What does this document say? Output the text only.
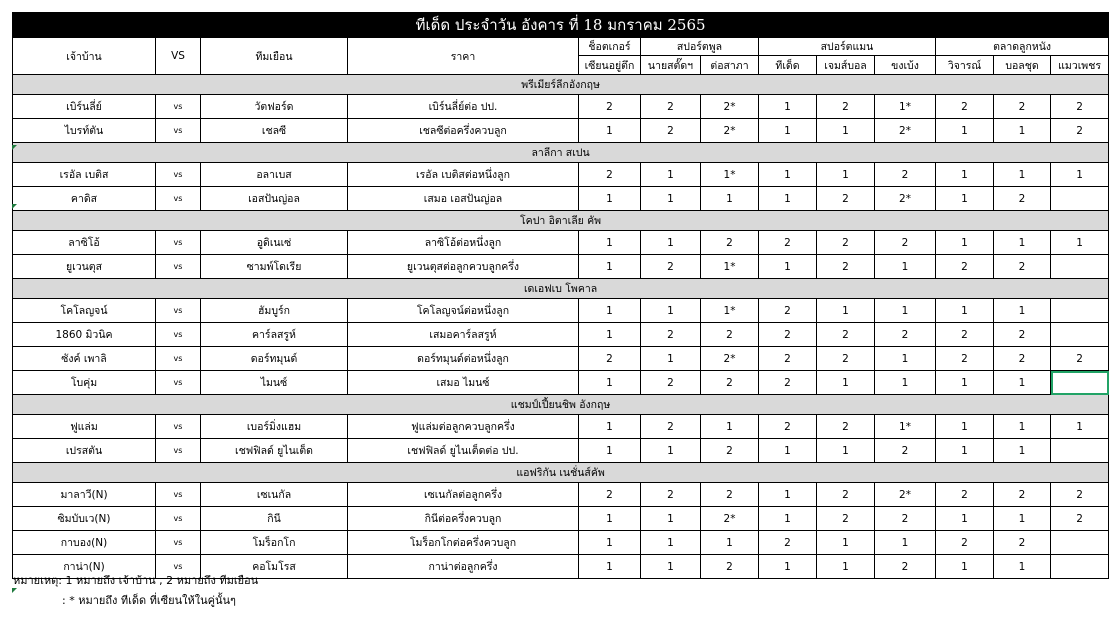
ทีเด็ด ประจำวัน อังคาร ที่ 18 มกราคม 2565												
เจ้าบ้าน	VS	ทีมเยือน	ราคา	ช็อตเกอร์	สปอร์ตพูล		สปอร์ตแมน			ตลาดลูกหนัง		
				เซียนอยู่ตึก	นายสตั๊ดฯ	ต่อสาภา	ทีเด็ด	เจมส์บอล	ขงเบ้ง	วิจารณ์	บอลชุด	แมวเพชร
พรีเมียร์ลีกอังกฤษ												
เบิร์นลี่ย์	vs	วัตฟอร์ด	เบิร์นลี่ย์ต่อ ปป.	2	2	2*	1	2	1*	2	2	2
ไบรท์ตัน	vs	เชลซี	เชลซีต่อครึ่งควบลูก	1	2	2*	1	1	2*	1	1	2
ลาลีกา สเปน												
เรอัล เบติส	vs	อลาเบส	เรอัล เบติสต่อหนึ่งลูก	2	1	1*	1	1	2	1	1	1
คาดิส	vs	เอสปันญ่อล	เสมอ เอสปันญ่อล	1	1	1	1	2	2*	1	2	
โคปา อิตาเลีย คัพ												
ลาซิโอ้	vs	อูดิเนเซ่	ลาซิโอ้ต่อหนึ่งลูก	1	1	2	2	2	2	1	1	1
ยูเวนตุส	vs	ซามพ์โดเรีย	ยูเวนตุสต่อลูกควบลูกครึ่ง	1	2	1*	1	2	1	2	2	
เดเอฟเบ โพคาล												
โคโลญจน์	vs	ฮัมบูร์ก	โคโลญจน์ต่อหนึ่งลูก	1	1	1*	2	1	1	1	1	
1860 มิวนิค	vs	คาร์ลสรูห์	เสมอคาร์ลสรูห์	1	2	2	2	2	2	2	2	
ซังค์ เพาลิ	vs	ดอร์ทมุนด์	ดอร์ทมุนด์ต่อหนึ่งลูก	2	1	2*	2	2	1	2	2	2
โบคุ่ม	vs	ไมนซ์	เสมอ ไมนซ์	1	2	2	2	1	1	1	1	
แชมป์เปี้ยนชิพ อังกฤษ												
ฟูแล่ม	vs	เบอร์มิ่งแฮม	ฟูแล่มต่อลูกควบลูกครึ่ง	1	2	1	2	2	1*	1	1	1
เปรสตัน	vs	เชฟฟิลด์ ยูไนเต็ด	เชฟฟิลด์ ยูไนเต็ดต่อ ปป.	1	1	2	1	1	2	1	1	
แอฟริกัน เนชั่นส์คัพ												
มาลาวี(N)	vs	เซเนกัล	เซเนกัลต่อลูกครึ่ง	2	2	2	1	2	2*	2	2	2
ซิมบับเว(N)	vs	กินี	กินีต่อครึ่งควบลูก	1	1	2*	1	2	2	1	1	2
กาบอง(N)	vs	โมร็อกโก	โมร็อกโกต่อครึ่งควบลูก	1	1	1	2	1	1	2	2	
กาน่า(N)	vs	คอโมโรส	กาน่าต่อลูกครึ่ง	1	1	2	1	1	2	1	1	
หมายเหตุ: 1 หมายถึง เจ้าบ้าน , 2 หมายถึง ทีมเยือน
: * หมายถึง ทีเด็ด ที่เซียนให้ในคู่นั้นๆ
